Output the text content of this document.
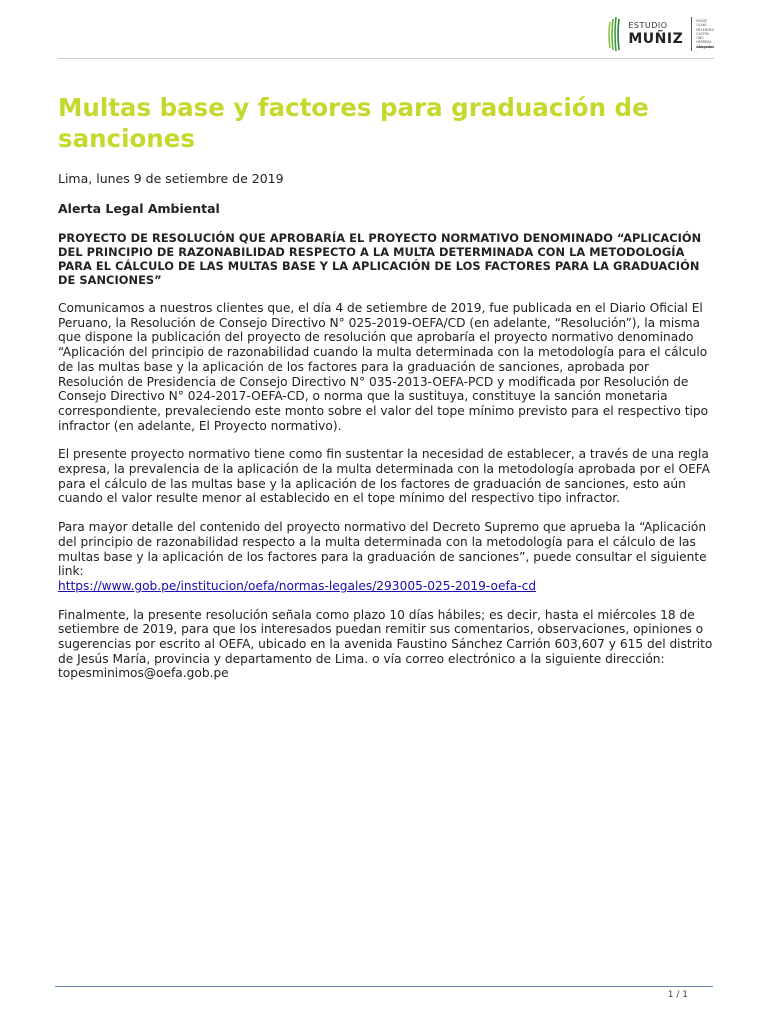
ESTUDIO
MUÑIZ
MUÑIZ
OLAYA
MELÉNDEZ
CASTRO
ONO
HERRERA
Abogados
Multas base y factores para graduación de sanciones
Lima, lunes 9 de setiembre de 2019
Alerta Legal Ambiental
PROYECTO DE RESOLUCIÓN QUE APROBARÍA EL PROYECTO NORMATIVO DENOMINADO “APLICACIÓN DEL PRINCIPIO DE RAZONABILIDAD RESPECTO A LA MULTA DETERMINADA CON LA METODOLOGÍA PARA EL CÁLCULO DE LAS MULTAS BASE Y LA APLICACIÓN DE LOS FACTORES PARA LA GRADUACIÓN DE SANCIONES”

Comunicamos a nuestros clientes que, el día 4 de setiembre de 2019, fue publicada en el Diario Oficial El Peruano, la Resolución de Consejo Directivo N° 025-2019-OEFA/CD (en adelante, “Resolución”), la misma que dispone la publicación del proyecto de resolución que aprobaría el proyecto normativo denominado “Aplicación del principio de razonabilidad cuando la multa determinada con la metodología para el cálculo de las multas base y la aplicación de los factores para la graduación de sanciones, aprobada por Resolución de Presidencia de Consejo Directivo N° 035-2013-OEFA-PCD y modificada por Resolución de Consejo Directivo N° 024-2017-OEFA-CD, o norma que la sustituya, constituye la sanción monetaria correspondiente, prevaleciendo este monto sobre el valor del tope mínimo previsto para el respectivo tipo infractor (en adelante, El Proyecto normativo).

El presente proyecto normativo tiene como fin sustentar la necesidad de establecer, a través de una regla expresa, la prevalencia de la aplicación de la multa determinada con la metodología aprobada por el OEFA para el cálculo de las multas base y la aplicación de los factores de graduación de sanciones, esto aún cuando el valor resulte menor al establecido en el tope mínimo del respectivo tipo infractor.

Para mayor detalle del contenido del proyecto normativo del Decreto Supremo que aprueba la “Aplicación del principio de razonabilidad respecto a la multa determinada con la metodología para el cálculo de las multas base y la aplicación de los factores para la graduación de sanciones”, puede consultar el siguiente link:
https://www.gob.pe/institucion/oefa/normas-legales/293005-025-2019-oefa-cd

Finalmente, la presente resolución señala como plazo 10 días hábiles; es decir, hasta el miércoles 18 de setiembre de 2019, para que los interesados puedan remitir sus comentarios, observaciones, opiniones o sugerencias por escrito al OEFA, ubicado en la avenida Faustino Sánchez Carrión 603,607 y 615 del distrito de Jesús María, provincia y departamento de Lima. o vía correo electrónico a la siguiente dirección: topesminimos@oefa.gob.pe

1 / 1
